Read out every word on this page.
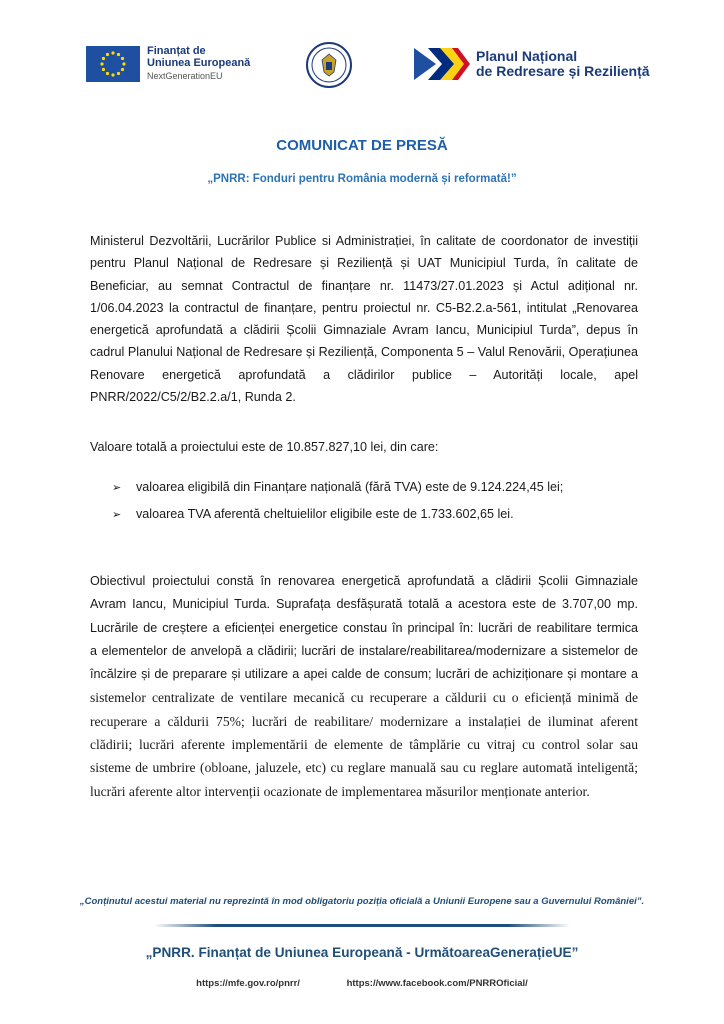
Finanțat de
Uniunea Europeană
NextGenerationEU
Planul Național
de Redresare și Reziliență
COMUNICAT DE PRESĂ
„PNRR: Fonduri pentru România modernă și reformată!”
Ministerul Dezvoltării, Lucrărilor Publice si Administrației, în calitate de coordonator de investiții
pentru Planul Național de Redresare și Reziliență și UAT Municipiul Turda, în calitate de
Beneficiar, au semnat Contractul de finanțare nr. 11473/27.01.2023 și Actul adițional nr.
1/06.04.2023 la contractul de finanțare, pentru proiectul nr. C5-B2.2.a-561, intitulat „Renovarea
energetică aprofundată a clădirii Școlii Gimnaziale Avram Iancu, Municipiul Turda”, depus în
cadrul Planului Național de Redresare și Reziliență, Componenta 5 – Valul Renovării, Operațiunea
Renovare energetică aprofundată a clădirilor publice – Autorități locale, apel
PNRR/2022/C5/2/B2.2.a/1, Runda 2.
Valoare totală a proiectului este de 10.857.827,10 lei, din care:
➢	valoarea eligibilă din Finanțare națională (fără TVA) este de 9.124.224,45 lei;
➢	valoarea TVA aferentă cheltuielilor eligibile este de 1.733.602,65 lei.
Obiectivul proiectului constă în renovarea energetică aprofundată a clădirii Școlii Gimnaziale
Avram Iancu, Municipiul Turda. Suprafața desfășurată totală a acestora este de 3.707,00 mp.
Lucrările de creștere a eficienței energetice constau în principal în: lucrări de reabilitare termica
a elementelor de anvelopă a clădirii; lucrări de instalare/reabilitarea/modernizare a sistemelor de
încălzire și de preparare și utilizare a apei calde de consum; lucrări de achiziționare și montare a
sistemelor centralizate de ventilare mecanică cu recuperare a căldurii cu o eficiență minimă de
recuperare a căldurii 75%; lucrări de reabilitare/ modernizare a instalației de iluminat aferent
clădirii; lucrări aferente implementării de elemente de tâmplărie cu vitraj cu control solar sau
sisteme de umbrire (obloane, jaluzele, etc) cu reglare manuală sau cu reglare automată inteligentă;
lucrări aferente altor intervenții ocazionate de implementarea măsurilor menționate anterior.
„Conținutul acestui material nu reprezintă în mod obligatoriu poziția oficială a Uniunii Europene sau a Guvernului României”.
„PNRR. Finanțat de Uniunea Europeană - UrmătoareaGenerațieUE”
https://mfe.gov.ro/pnrr/	https://www.facebook.com/PNRROficial/
